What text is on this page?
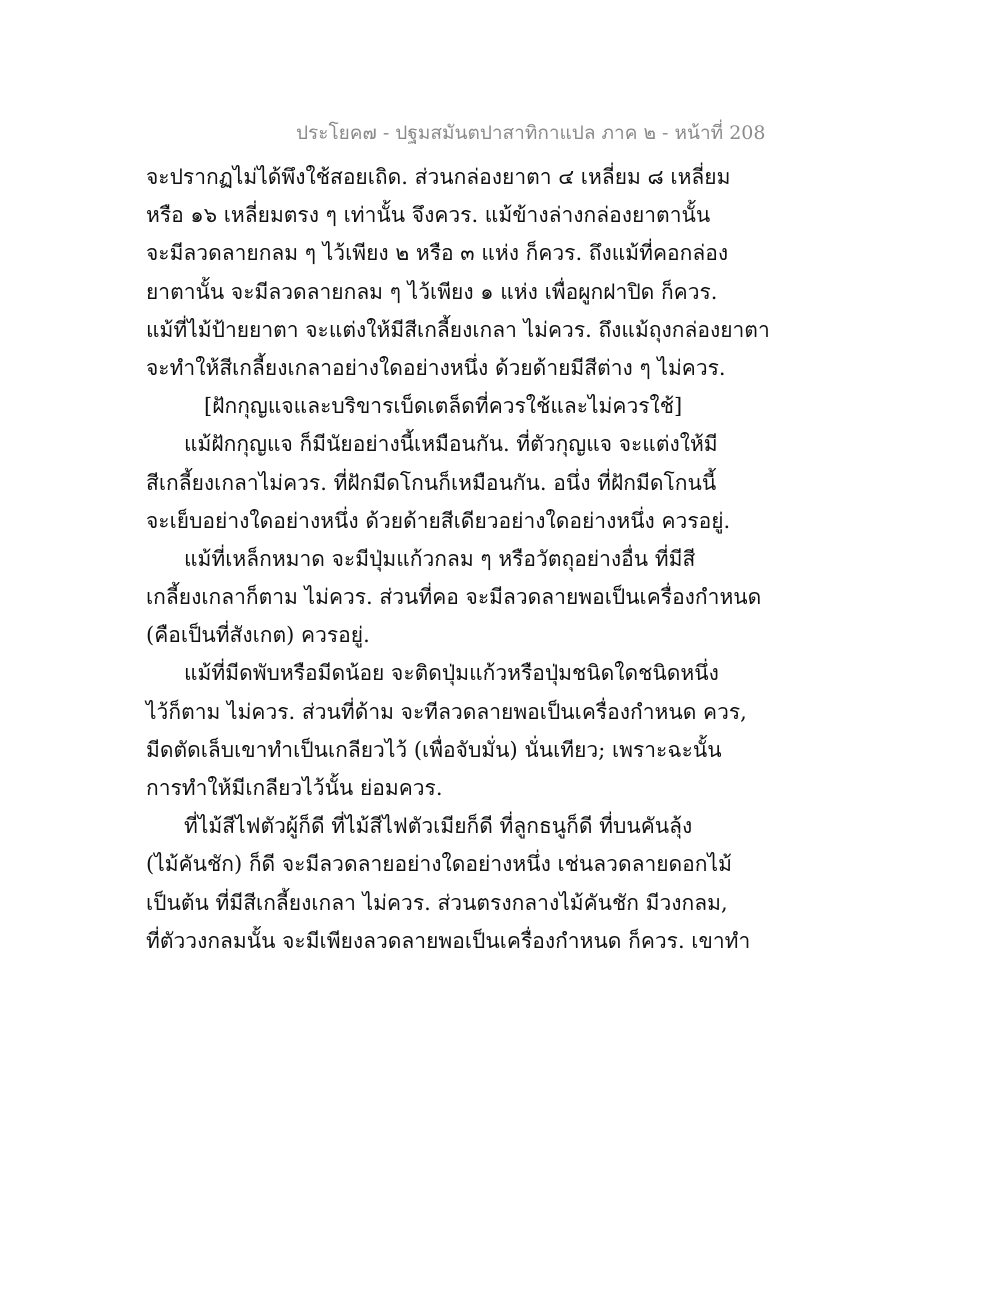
ประโยค๗ - ปฐมสมันตปาสาทิกาแปล ภาค ๒ - หน้าที่ 208
จะปรากฏไม่ได้พึงใช้สอยเถิด. ส่วนกล่องยาตา ๔ เหลี่ยม ๘ เหลี่ยม
หรือ ๑๖ เหลี่ยมตรง ๆ เท่านั้น จึงควร. แม้ข้างล่างกล่องยาตานั้น
จะมีลวดลายกลม ๆ ไว้เพียง ๒ หรือ ๓ แห่ง ก็ควร. ถึงแม้ที่คอกล่อง
ยาตานั้น จะมีลวดลายกลม ๆ ไว้เพียง ๑ แห่ง เพื่อผูกฝาปิด ก็ควร.
แม้ที่ไม้ป้ายยาตา จะแต่งให้มีสีเกลี้ยงเกลา ไม่ควร. ถึงแม้ถุงกล่องยาตา
จะทำให้สีเกลี้ยงเกลาอย่างใดอย่างหนึ่ง ด้วยด้ายมีสีต่าง ๆ ไม่ควร.
[ฝักกุญแจและบริขารเบ็ดเตล็ดที่ควรใช้และไม่ควรใช้]
แม้ฝักกุญแจ ก็มีนัยอย่างนี้เหมือนกัน. ที่ตัวกุญแจ จะแต่งให้มี
สีเกลี้ยงเกลาไม่ควร. ที่ฝักมีดโกนก็เหมือนกัน. อนึ่ง ที่ฝักมีดโกนนี้
จะเย็บอย่างใดอย่างหนึ่ง ด้วยด้ายสีเดียวอย่างใดอย่างหนึ่ง ควรอยู่.
แม้ที่เหล็กหมาด จะมีปุ่มแก้วกลม ๆ หรือวัตถุอย่างอื่น ที่มีสี
เกลี้ยงเกลาก็ตาม ไม่ควร. ส่วนที่คอ จะมีลวดลายพอเป็นเครื่องกำหนด
(คือเป็นที่สังเกต) ควรอยู่.
แม้ที่มีดพับหรือมีดน้อย จะติดปุ่มแก้วหรือปุ่มชนิดใดชนิดหนึ่ง
ไว้ก็ตาม ไม่ควร. ส่วนที่ด้าม จะทีลวดลายพอเป็นเครื่องกำหนด ควร,
มีดตัดเล็บเขาทำเป็นเกลียวไว้ (เพื่อจับมั่น) นั่นเทียว; เพราะฉะนั้น
การทำให้มีเกลียวไว้นั้น ย่อมควร.
ที่ไม้สีไฟตัวผู้ก็ดี ที่ไม้สีไฟตัวเมียก็ดี ที่ลูกธนูก็ดี ที่บนคันลุ้ง
(ไม้คันชัก) ก็ดี จะมีลวดลายอย่างใดอย่างหนึ่ง เช่นลวดลายดอกไม้
เป็นต้น ที่มีสีเกลี้ยงเกลา ไม่ควร. ส่วนตรงกลางไม้คันชัก มีวงกลม,
ที่ตัววงกลมนั้น จะมีเพียงลวดลายพอเป็นเครื่องกำหนด ก็ควร. เขาทำ
